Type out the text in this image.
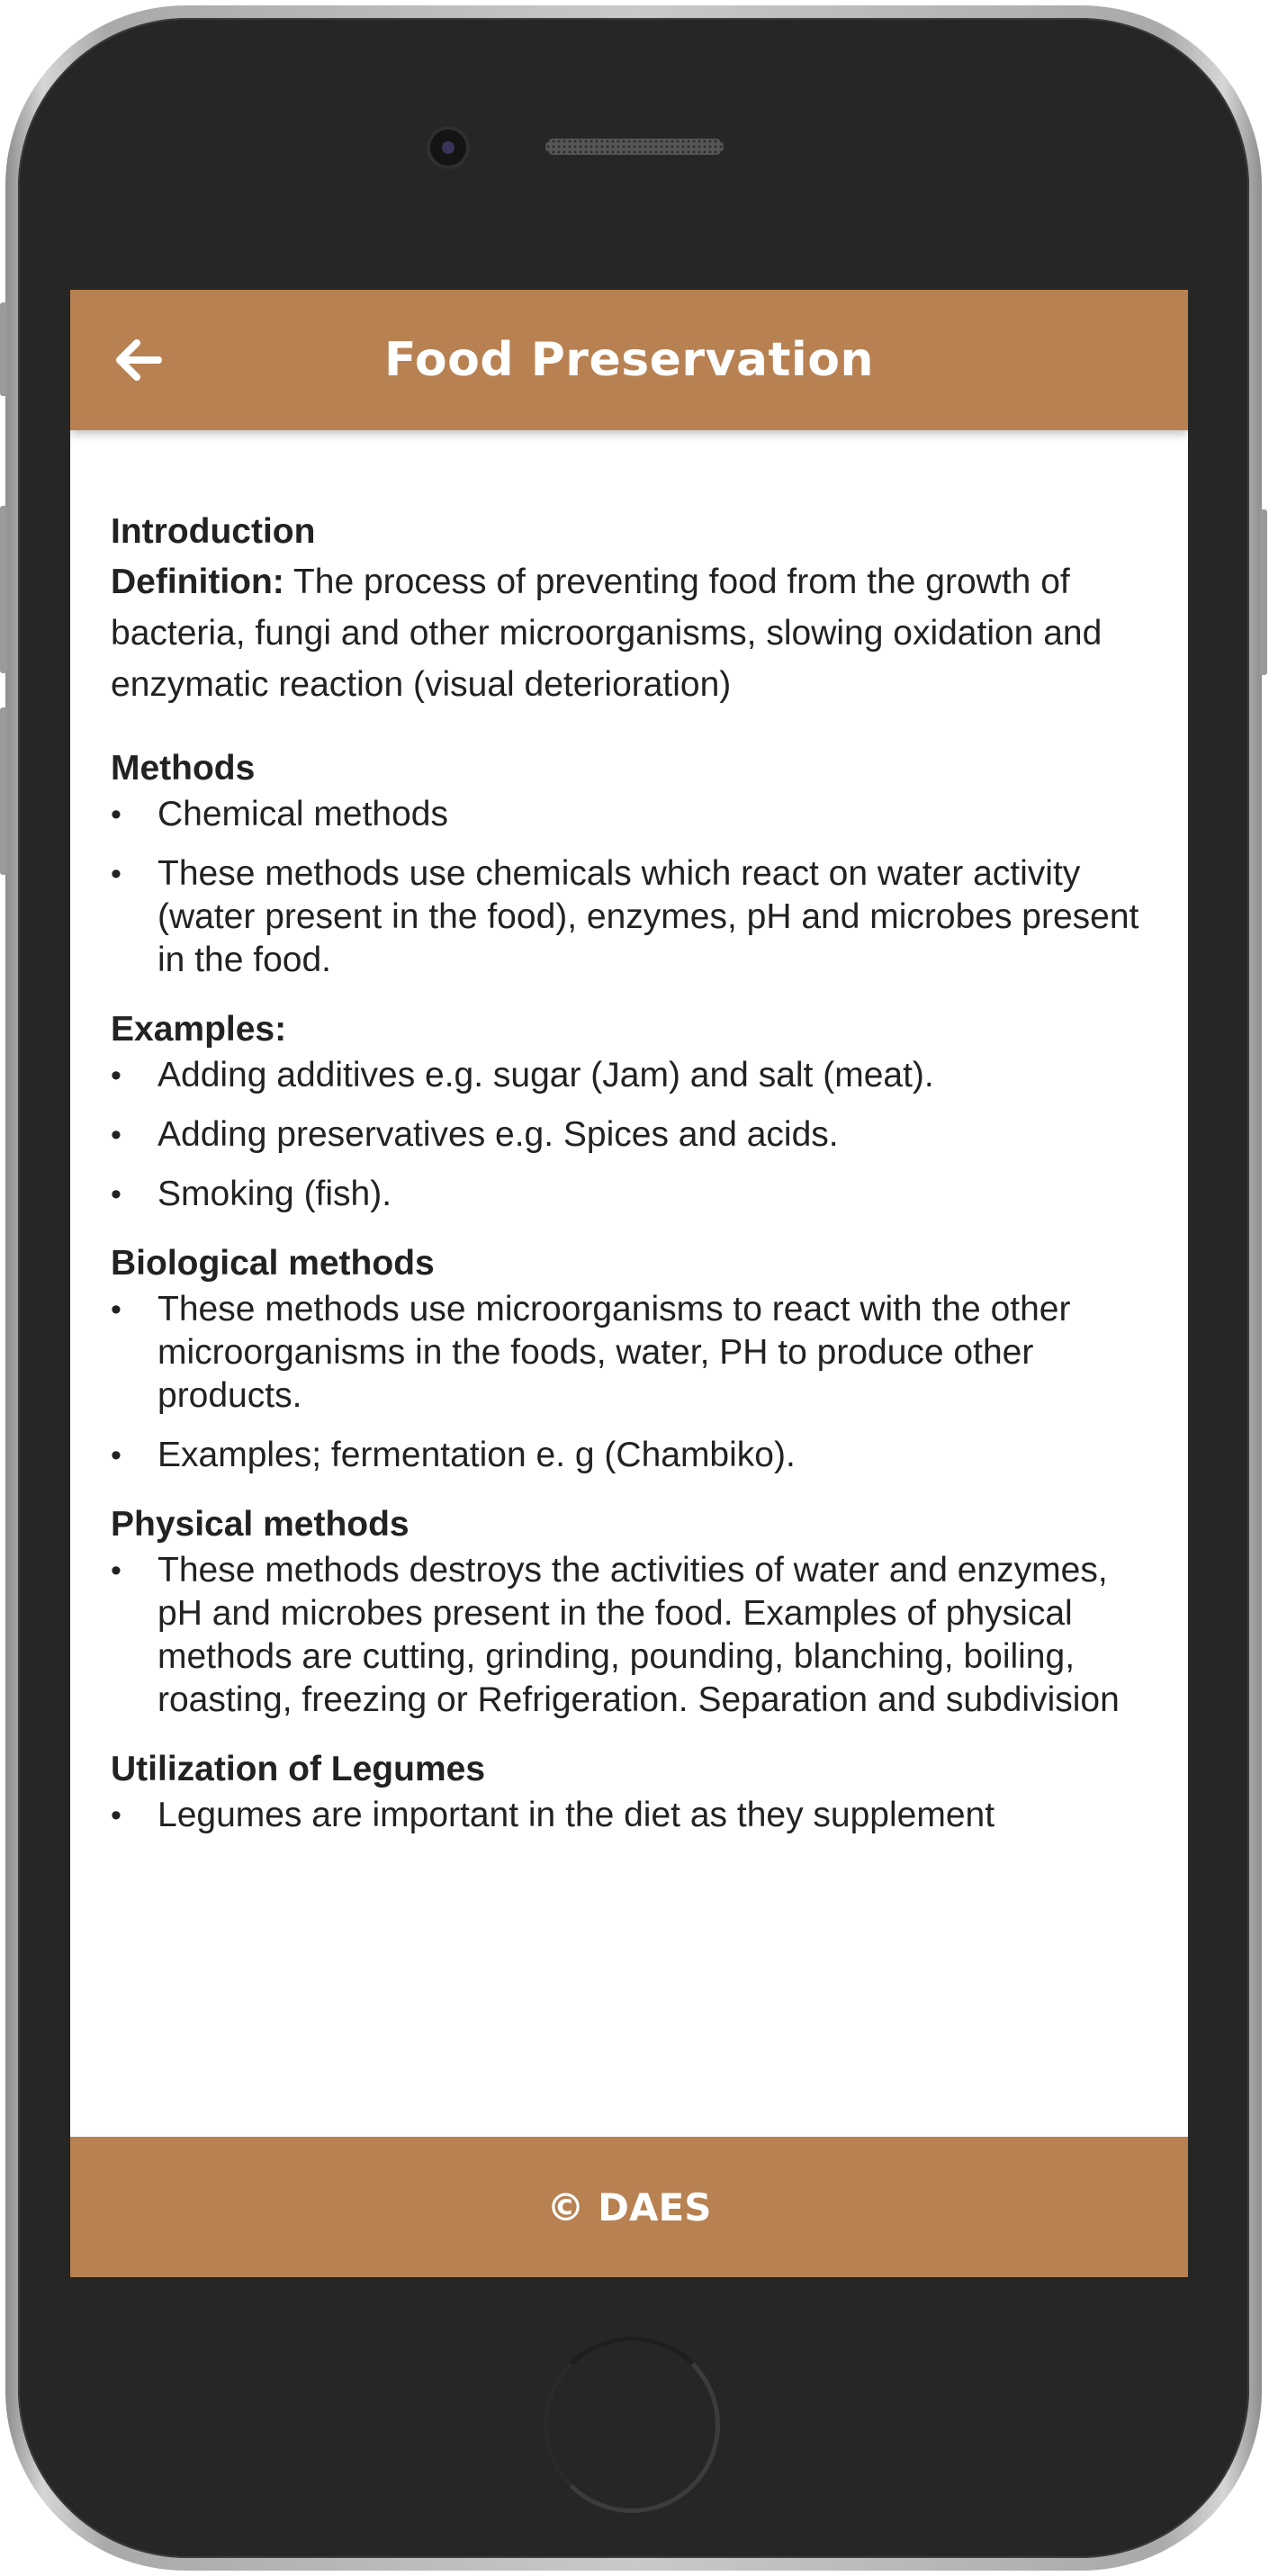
Food Preservation
Introduction

Definition: The process of preventing food from the growth of bacteria, fungi and other microorganisms, slowing oxidation and enzymatic reaction (visual deterioration)

Methods
• Chemical methods
• These methods use chemicals which react on water activity (water present in the food), enzymes, pH and microbes present in the food.
Examples:
• Adding additives e.g. sugar (Jam) and salt (meat).
• Adding preservatives e.g. Spices and acids.
• Smoking (fish).
Biological methods
• These methods use microorganisms to react with the other microorganisms in the foods, water, PH to produce other products.
• Examples; fermentation e. g (Chambiko).
Physical methods
• These methods destroys the activities of water and enzymes, pH and microbes present in the food. Examples of physical methods are cutting, grinding, pounding, blanching, boiling, roasting, freezing or Refrigeration. Separation and subdivision
Utilization of Legumes
• Legumes are important in the diet as they supplement
© DAES
